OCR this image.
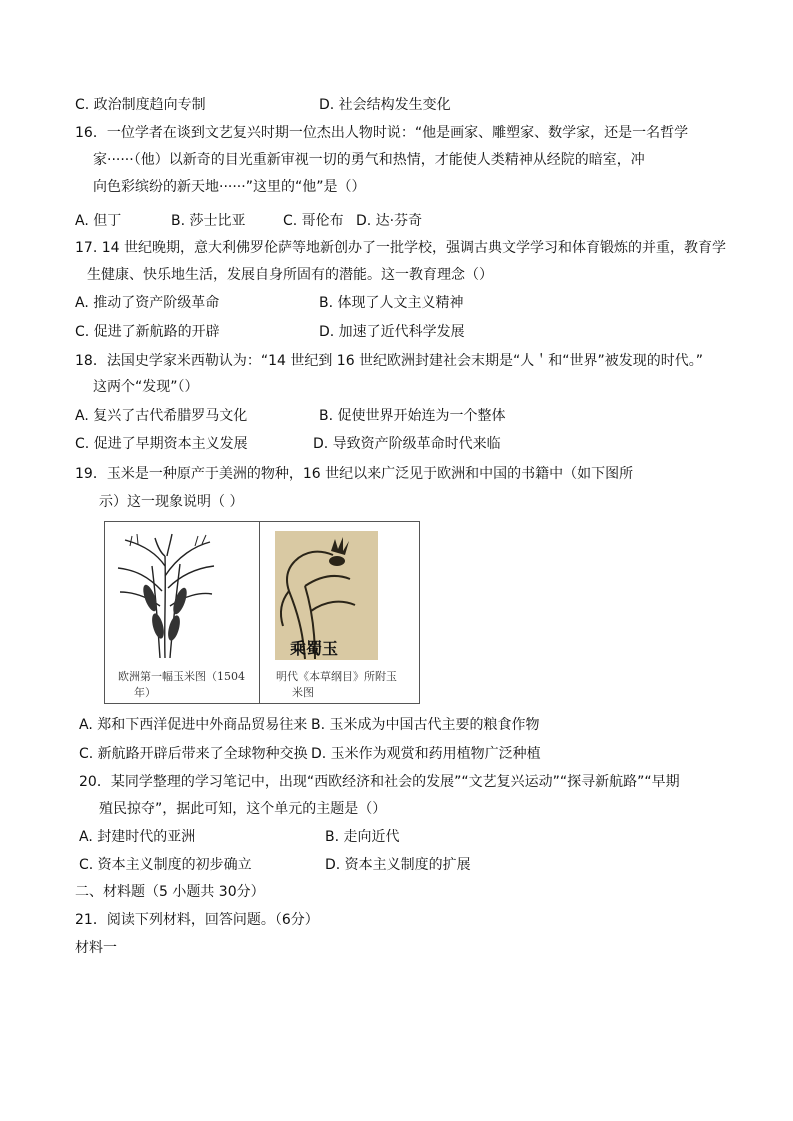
C. 政治制度趋向专制	D. 社会结构发生变化
16．一位学者在谈到文艺复兴时期一位杰出人物时说：“他是画家、雕塑家、数学家，还是一名哲学
家······（他）以新奇的目光重新审视一切的勇气和热情，才能使人类精神从经院的暗室，冲
向色彩缤纷的新天地······”这里的“他”是（）
A. 但丁	B. 莎士比亚	C. 哥伦布 D. 达·芬奇
17. 14 世纪晚期，意大利佛罗伦萨等地新创办了一批学校，强调古典文学学习和体育锻炼的并重，教育学
生健康、快乐地生活，发展自身所固有的潜能。这一教育理念（）
A. 推动了资产阶级革命	B. 体现了人文主义精神
C. 促进了新航路的开辟	D. 加速了近代科学发展
18．法国史学家米西勒认为：“14 世纪到 16 世纪欧洲封建社会末期是“人＇和“世界”被发现的时代。”
这两个“发现”（）
A. 复兴了古代希腊罗马文化	B. 促使世界开始连为一个整体
C. 促进了早期资本主义发展	D. 导致资产阶级革命时代来临
19．玉米是一种原产于美洲的物种，16 世纪以来广泛见于欧洲和中国的书籍中（如下图所
示）这一现象说明（ ）
欧洲第一幅玉米图（1504
年）
乘蜀玉
明代《本草纲目》所附玉
米图
A. 郑和下西洋促进中外商品贸易往来 B. 玉米成为中国古代主要的粮食作物
C. 新航路开辟后带来了全球物种交换 D. 玉米作为观赏和药用植物广泛种植
20．某同学整理的学习笔记中，出现“西欧经济和社会的发展”“文艺复兴运动”“探寻新航路”“早期
殖民掠夺”，据此可知，这个单元的主题是（）
A. 封建时代的亚洲	B. 走向近代
C. 资本主义制度的初步确立	D. 资本主义制度的扩展
二、材料题（5 小题共 30分）
21．阅读下列材料，回答问题。（6分）
材料一
